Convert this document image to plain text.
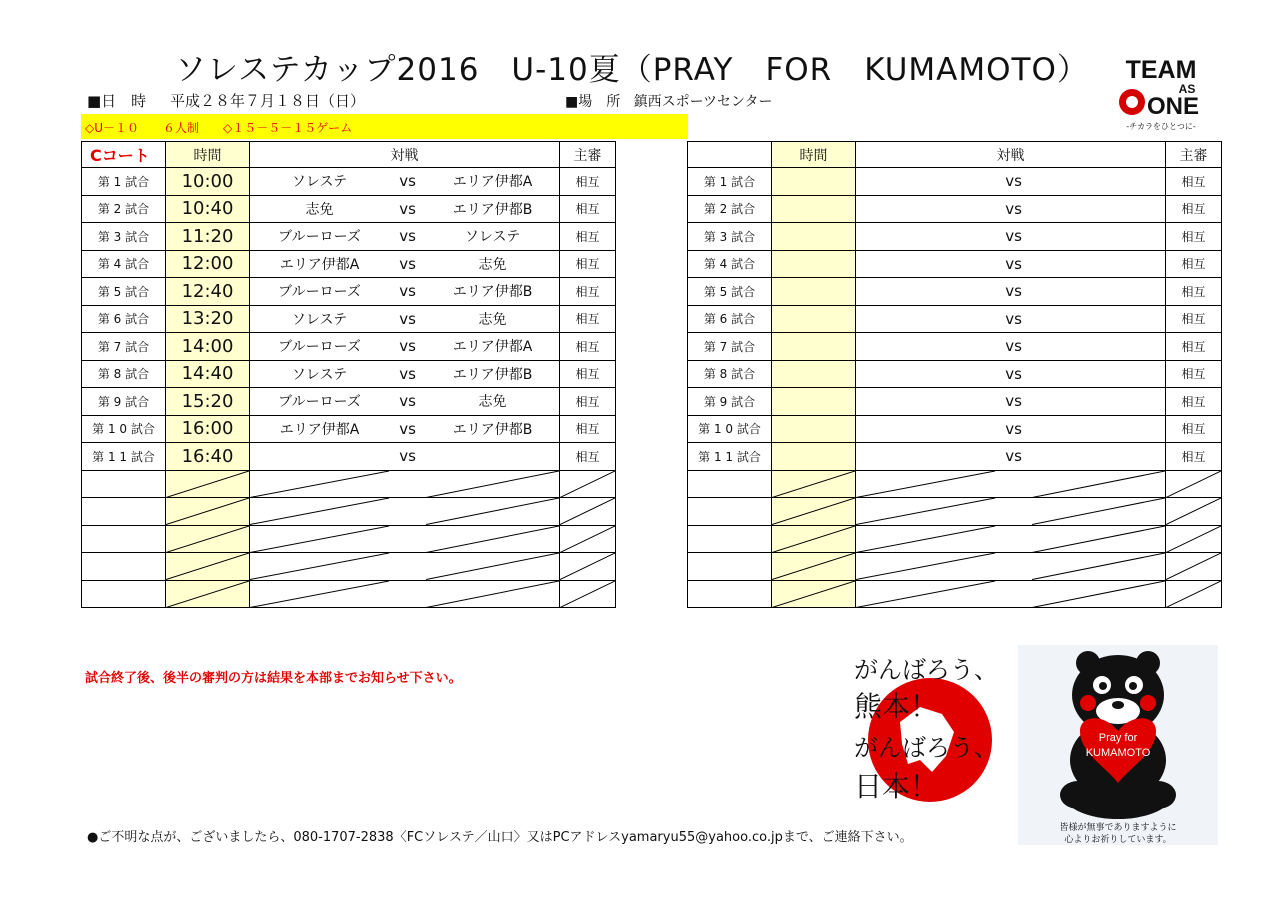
ソレステカップ2016　U-10夏（PRAY　FOR　KUMAMOTO）
■日　時 平成２８年７月１８日（日）	■場　所 鎮西スポーツセンター
◇U－１０　　６人制　　◇１５－５－１５ゲーム
Cコート	時間	対戦	主審
第 1 試合	10:00	ソレステ vs エリア伊都A	相互
第 2 試合	10:40	志免 vs エリア伊都B	相互
第 3 試合	11:20	ブルーローズ vs ソレステ	相互
第 4 試合	12:00	エリア伊都A vs 志免	相互
第 5 試合	12:40	ブルーローズ vs エリア伊都B	相互
第 6 試合	13:20	ソレステ vs 志免	相互
第 7 試合	14:00	ブルーローズ vs エリア伊都A	相互
第 8 試合	14:40	ソレステ vs エリア伊都B	相互
第 9 試合	15:20	ブルーローズ vs 志免	相互
第 1 0 試合	16:00	エリア伊都A vs エリア伊都B	相互
第 1 1 試合	16:40	vs	相互

	時間	対戦	主審
第 1 試合		vs	相互
第 2 試合		vs	相互
第 3 試合		vs	相互
第 4 試合		vs	相互
第 5 試合		vs	相互
第 6 試合		vs	相互
第 7 試合		vs	相互
第 8 試合		vs	相互
第 9 試合		vs	相互
第 1 0 試合		vs	相互
第 1 1 試合		vs	相互

試合終了後、後半の審判の方は結果を本部までお知らせ下さい。
●ご不明な点が、ございましたら、080-1707-2838〈FCソレステ／山口〉又はPCアドレスyamaryu55@yahoo.co.jpまで、ご連絡下さい。
TEAM
AS
ONE
-チカラをひとつに-
がんばろう、
熊本！
がんばろう、
日本！
Pray for
KUMAMOTO
皆様が無事でありますように
心よりお祈りしています。
